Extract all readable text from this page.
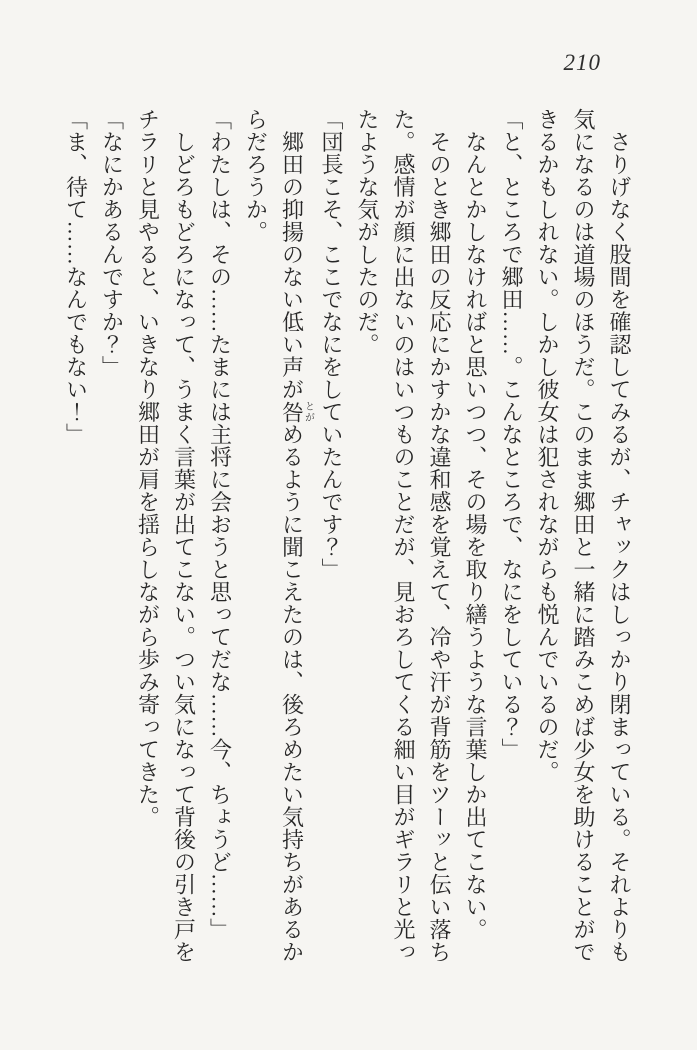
210

　さりげなく股間を確認してみるが、チャックはしっかり閉まっている。それよりも

気になるのは道場のほうだ。このまま郷田と一緒に踏みこめば少女を助けることがで

きるかもしれない。しかし彼女は犯されながらも悦んでいるのだ。

「と、ところで郷田……。こんなところで、なにをしている？」

　なんとかしなければと思いつつ、その場を取り繕うような言葉しか出てこない。

　そのとき郷田の反応にかすかな違和感を覚えて、冷や汗が背筋をツーッと伝い落ち

た。感情が顔に出ないのはいつものことだが、見おろしてくる細い目がギラリと光っ

たような気がしたのだ。

「団長こそ、ここでなにをしていたんです？」

　郷田の抑揚のない低い声が咎とがめるように聞こえたのは、後ろめたい気持ちがあるか

らだろうか。

「わたしは、その……たまには主将に会おうと思ってだな……今、ちょうど……」

　しどろもどろになって、うまく言葉が出てこない。つい気になって背後の引き戸を

チラリと見やると、いきなり郷田が肩を揺らしながら歩み寄ってきた。

「なにかあるんですか？」

「ま、待て……なんでもない！」
